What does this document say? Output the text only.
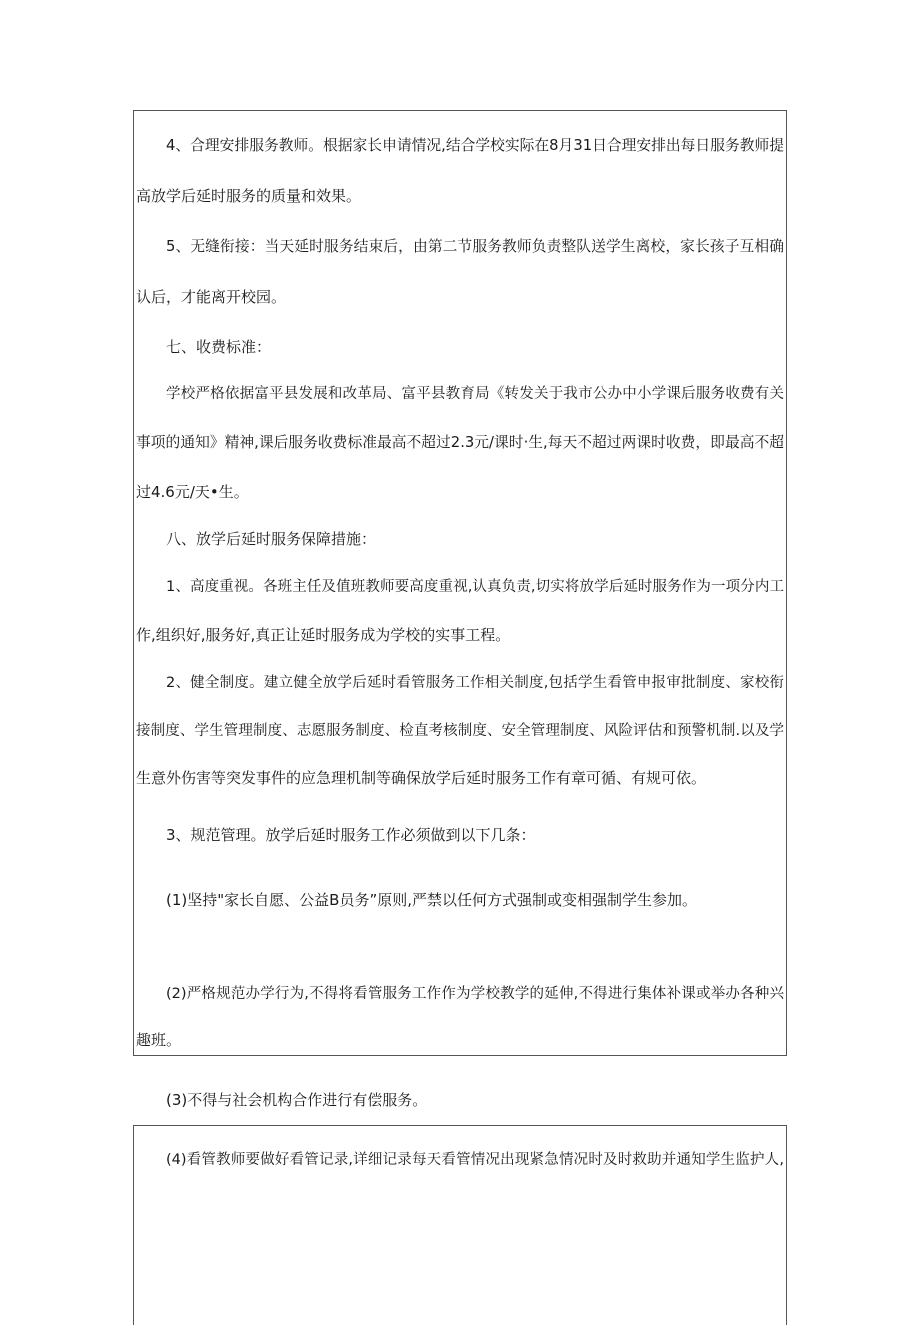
4、合理安排服务教师。根据家长申请情况,结合学校实际在8月31日合理安排出每日服务教师提
高放学后延时服务的质量和效果。
5、无缝衔接：当天延时服务结束后，由第二节服务教师负责整队送学生离校，家长孩子互相确
认后，才能离开校园。
七、收费标准：
学校严格依据富平县发展和改革局、富平县教育局《转发关于我市公办中小学课后服务收费有关
事项的通知》精神,课后服务收费标准最高不超过2.3元/课时·生,每天不超过两课时收费，即最高不超
过4.6元/天•生。
八、放学后延时服务保障措施：
1、高度重视。各班主任及值班教师要高度重视,认真负责,切实将放学后延时服务作为一项分内工
作,组织好,服务好,真正让延时服务成为学校的实事工程。
2、健全制度。建立健全放学后延时看管服务工作相关制度,包括学生看管申报审批制度、家校衔
接制度、学生管理制度、志愿服务制度、检直考核制度、安全管理制度、风险评估和预警机制.以及学
生意外伤害等突发事件的应急理机制等确保放学后延时服务工作有章可循、有规可依。
3、规范管理。放学后延时服务工作必须做到以下几条：
(1)坚持"家长自愿、公益B员务”原则,严禁以任何方式强制或变相强制学生参加。
(2)严格规范办学行为,不得将看管服务工作作为学校教学的延伸,不得进行集体补课或举办各种兴
趣班。
(3)不得与社会机构合作进行有偿服务。
(4)看管教师要做好看管记录,详细记录每天看管情况出现紧急情况时及时救助并通知学生监护人,
